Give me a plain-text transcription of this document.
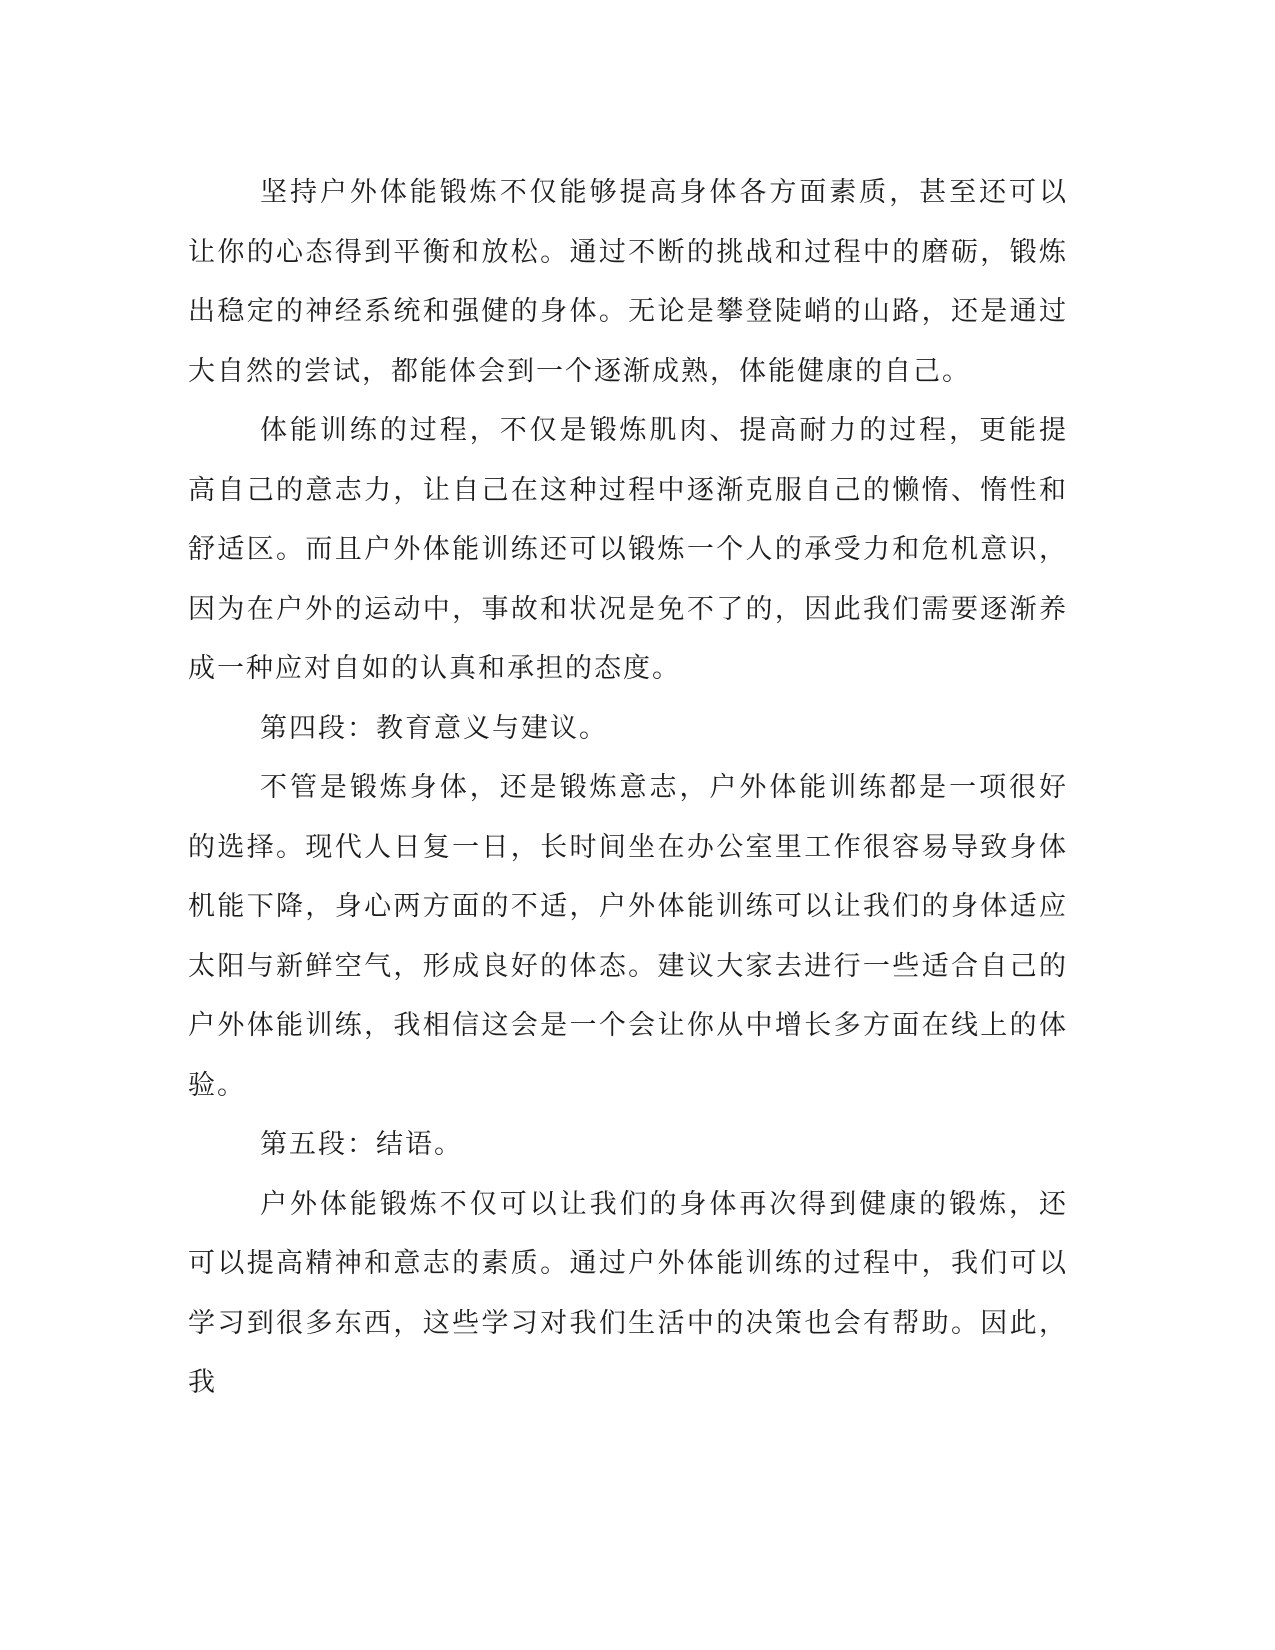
坚持户外体能锻炼不仅能够提高身体各方面素质，甚至还可以让你的心态得到平衡和放松。通过不断的挑战和过程中的磨砺，锻炼出稳定的神经系统和强健的身体。无论是攀登陡峭的山路，还是通过大自然的尝试，都能体会到一个逐渐成熟，体能健康的自己。

体能训练的过程，不仅是锻炼肌肉、提高耐力的过程，更能提高自己的意志力，让自己在这种过程中逐渐克服自己的懒惰、惰性和舒适区。而且户外体能训练还可以锻炼一个人的承受力和危机意识，因为在户外的运动中，事故和状况是免不了的，因此我们需要逐渐养成一种应对自如的认真和承担的态度。

第四段：教育意义与建议。

不管是锻炼身体，还是锻炼意志，户外体能训练都是一项很好的选择。现代人日复一日，长时间坐在办公室里工作很容易导致身体机能下降，身心两方面的不适，户外体能训练可以让我们的身体适应太阳与新鲜空气，形成良好的体态。建议大家去进行一些适合自己的户外体能训练，我相信这会是一个会让你从中增长多方面在线上的体验。

第五段：结语。

户外体能锻炼不仅可以让我们的身体再次得到健康的锻炼，还可以提高精神和意志的素质。通过户外体能训练的过程中，我们可以学习到很多东西，这些学习对我们生活中的决策也会有帮助。因此，我
